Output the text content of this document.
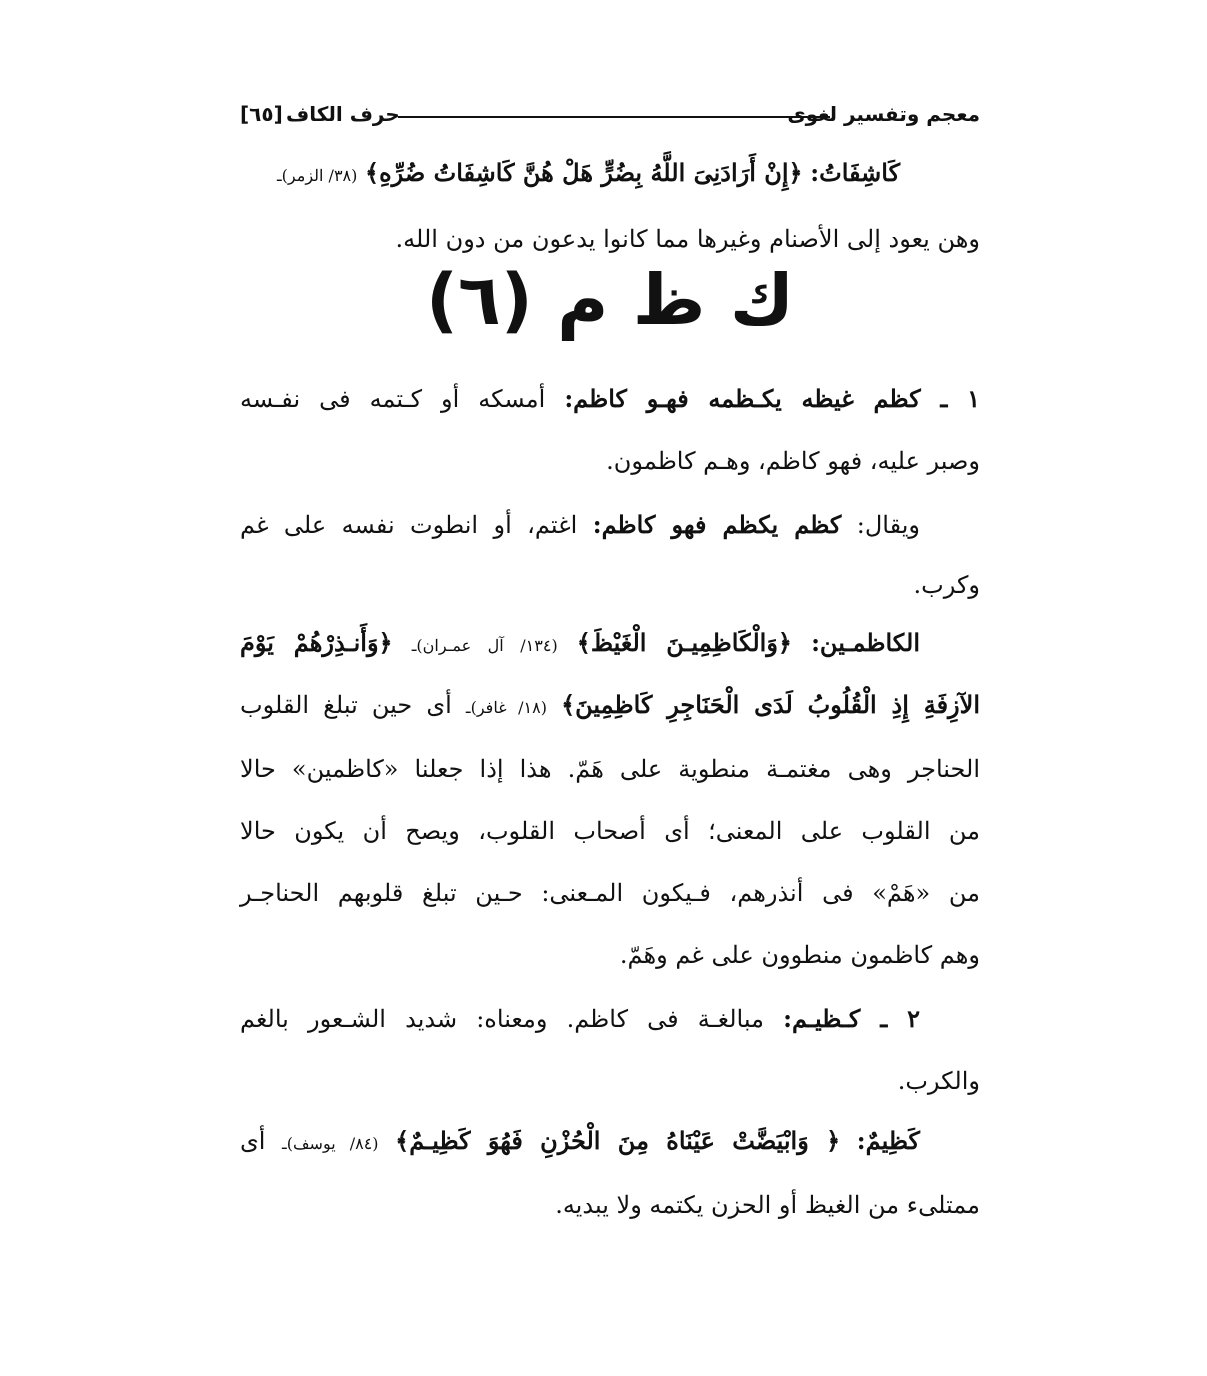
معجم وتفسير لغوى
حرف الكاف
[٦٥]
كَاشِفَاتُ: ﴿إِنْ أَرَادَنِىَ اللَّهُ بِضُرٍّ هَلْ هُنَّ كَاشِفَاتُ ضُرِّهِ﴾ (٣٨/ الزمر)ـ
وهن يعود إلى الأصنام وغيرها مما كانوا يدعون من دون الله.
ك ظ م (٦)
١ ـ كظم غيظه يكـظمه فهـو كاظم: أمسكه أو كـتمه فى نفـسه
وصبر عليه، فهو كاظم، وهـم كاظمون.
ويقال: كظم يكظم فهو كاظم: اغتم، أو انطوت نفسه على غم
وكرب.
الكاظمـين: ﴿وَالْكَاظِمِيـنَ الْغَيْظَ﴾ (١٣٤/ آل عمـران)ـ ﴿وَأَنـذِرْهُمْ يَوْمَ
الآزِفَةِ إِذِ الْقُلُوبُ لَدَى الْحَنَاجِرِ كَاظِمِينَ﴾ (١٨/ غافر)ـ أى حين تبلغ القلوب
الحناجر وهى مغتمـة منطوية على هَمّ. هذا إذا جعلنا «كاظمين» حالا
من القلوب على المعنى؛ أى أصحاب القلوب، ويصح أن يكون حالا
من «هَمْ» فى أنذرهم، فـيكون المـعنى: حـين تبلغ قلوبهم الحناجـر
وهم كاظمون منطوون على غم وهَمّ.
٢ ـ كـظيـم: مبالغـة فى كاظم. ومعناه: شديد الشـعور بالغم
والكرب.
كَظِيمٌ: ﴿ وَابْيَضَّتْ عَيْنَاهُ مِنَ الْحُزْنِ فَهُوَ كَظِيـمٌ﴾ (٨٤/ يوسف)ـ أى
ممتلىء من الغيظ أو الحزن يكتمه ولا يبديه.
